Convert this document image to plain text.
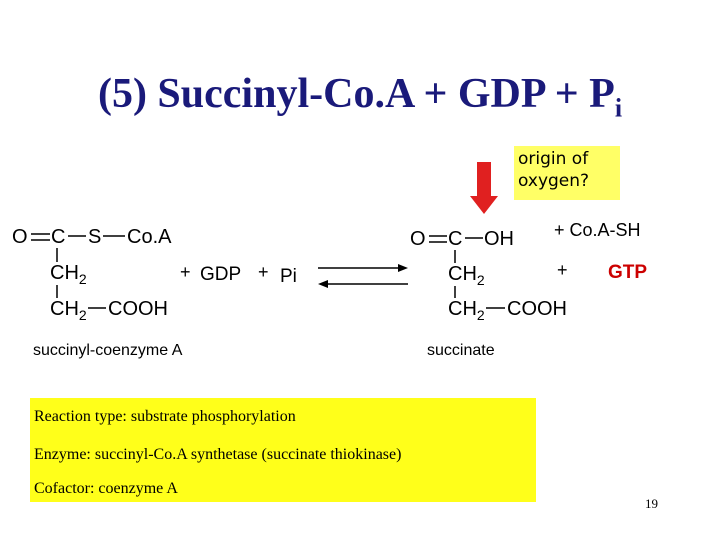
(5) Succinyl-Co.A + GDP + $P_i$
O C S Co.A
$CH_2$
$CH_2$ COOH
succinyl-coenzyme A
+ GDP + Pi
O C OH
$CH_2$
$CH_2$ COOH
succinate
+ Co.A-SH
+ GTP
origin of oxygen?
Reaction type: substrate phosphorylation
Enzyme: succinyl-Co.A synthetase (succinate thiokinase)
Cofactor: coenzyme A
19
